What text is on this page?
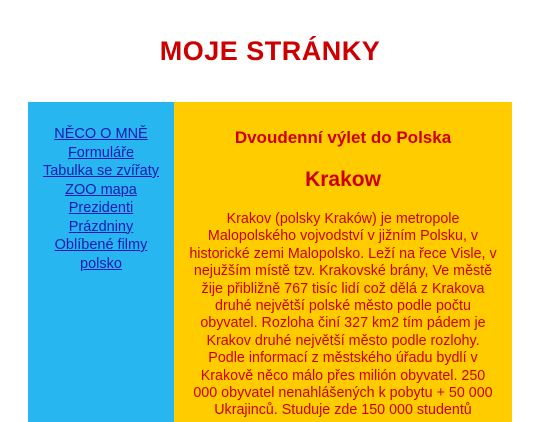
MOJE STRÁNKY
NĚCO O MNĚ
Formuláře
Tabulka se zvířaty
ZOO mapa
Prezidenti
Prázdniny
Oblíbené filmy
polsko
Dvoudenní výlet do Polska
Krakow

Krakov (polsky Kraków) je metropole Malopolského vojvodství v jižním Polsku, v historické zemi Malopolsko. Leží na řece Visle, v nejužším místě tzv. Krakovské brány, Ve městě žije přibližně 767 tisíc lidí což dělá z Krakova druhé největší polské město podle počtu obyvatel. Rozloha činí 327 km2 tím pádem je Krakov druhé největší město podle rozlohy. Podle informací z městského úřadu bydlí v Krakově něco málo přes milión obyvatel. 250 000 obyvatel nenahlášených k pobytu + 50 000 Ukrajinců. Studuje zde 150 000 studentů
